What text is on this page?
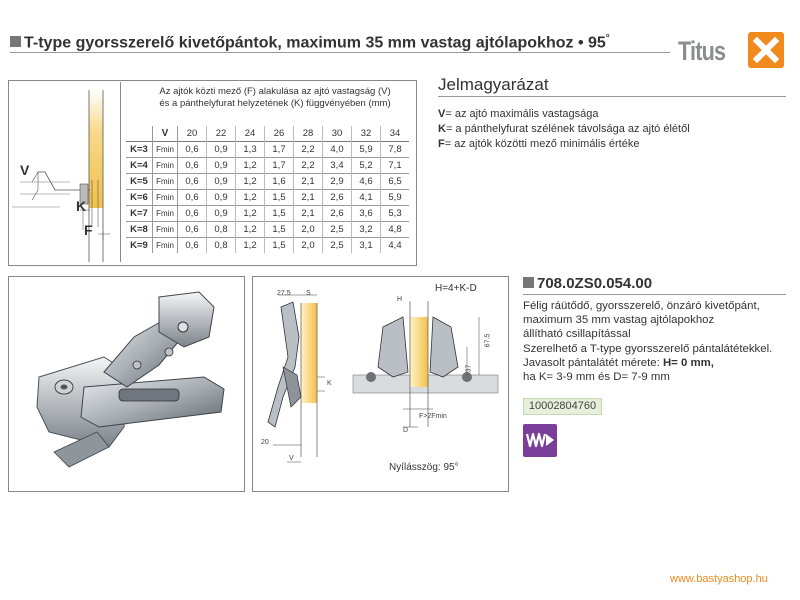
T-type gyorsszerelő kivetőpántok, maximum 35 mm vastag ajtólapokhoz • 95°	Titus
V
K
F
Az ajtók közti mező (F) alakulása az ajtó vastagság (V)
és a pánthelyfurat helyzetének (K) függvényében (mm)
	V	20	22	24	26	28	30	32	34
K=3	Fmin	0,6	0,9	1,3	1,7	2,2	4,0	5,9	7,8
K=4	Fmin	0,6	0,9	1,2	1,7	2,2	3,4	5,2	7,1
K=5	Fmin	0,6	0,9	1,2	1,6	2,1	2,9	4,6	6,5
K=6	Fmin	0,6	0,9	1,2	1,5	2,1	2,6	4,1	5,9
K=7	Fmin	0,6	0,9	1,2	1,5	2,1	2,6	3,6	5,3
K=8	Fmin	0,6	0,8	1,2	1,5	2,0	2,5	3,2	4,8
K=9	Fmin	0,6	0,8	1,2	1,5	2,0	2,5	3,1	4,4
Jelmagyarázat
V= az ajtó maximális vastagsága
K= a pánthelyfurat szélének távolsága az ajtó élétől
F= az ajtók közötti mező minimális értéke
H=4+K-D
27.5 S
K
20
V
H
67.5
37
F>2Fmin
D
Nyílásszög: 95°
708.0ZS0.054.00
Félig ráütődő, gyorsszerelő, önzáró kivetőpánt,
maximum 35 mm vastag ajtólapokhoz
állítható csillapítással
Szerelhető a T-type gyorsszerelő pántalátétekkel.
Javasolt pántalátét mérete: H= 0 mm,
ha K= 3-9 mm és D= 7-9 mm
10002804760
www.bastyashop.hu
